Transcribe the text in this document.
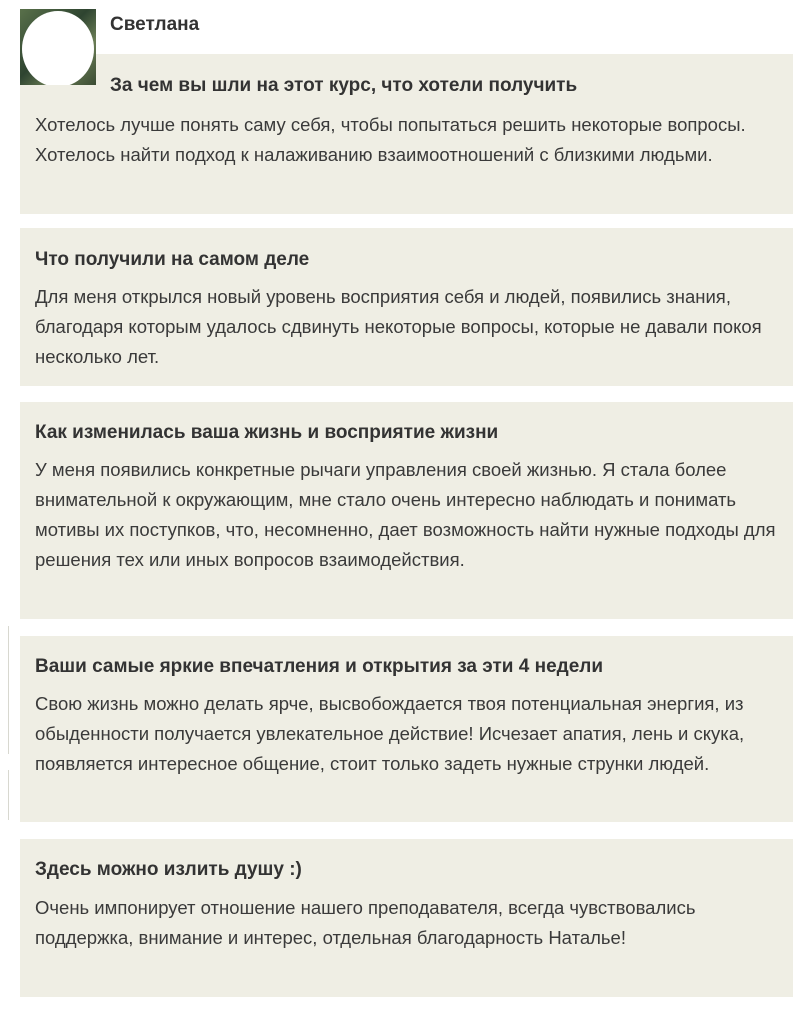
За чем вы шли на этот курс, что хотели получить

Хотелось лучше понять саму себя, чтобы попытаться решить некоторые вопросы. Хотелось найти подход к налаживанию взаимоотношений с близкими людьми.

Светлана
Что получили на самом деле

Для меня открылся новый уровень восприятия себя и людей, появились знания, благодаря которым удалось сдвинуть некоторые вопросы, которые не давали покоя несколько лет.

Как изменилась ваша жизнь и восприятие жизни

У меня появились конкретные рычаги управления своей жизнью. Я стала более внимательной к окружающим, мне стало очень интересно наблюдать и понимать мотивы их поступков, что, несомненно, дает возможность найти нужные подходы для решения тех или иных вопросов взаимодействия.

Ваши самые яркие впечатления и открытия за эти 4 недели

Свою жизнь можно делать ярче, высвобождается твоя потенциальная энергия, из обыденности получается увлекательное действие! Исчезает апатия, лень и скука, появляется интересное общение, стоит только задеть нужные струнки людей.

Здесь можно излить душу :)

Очень импонирует отношение нашего преподавателя, всегда чувствовались поддержка, внимание и интерес, отдельная благодарность Наталье!
